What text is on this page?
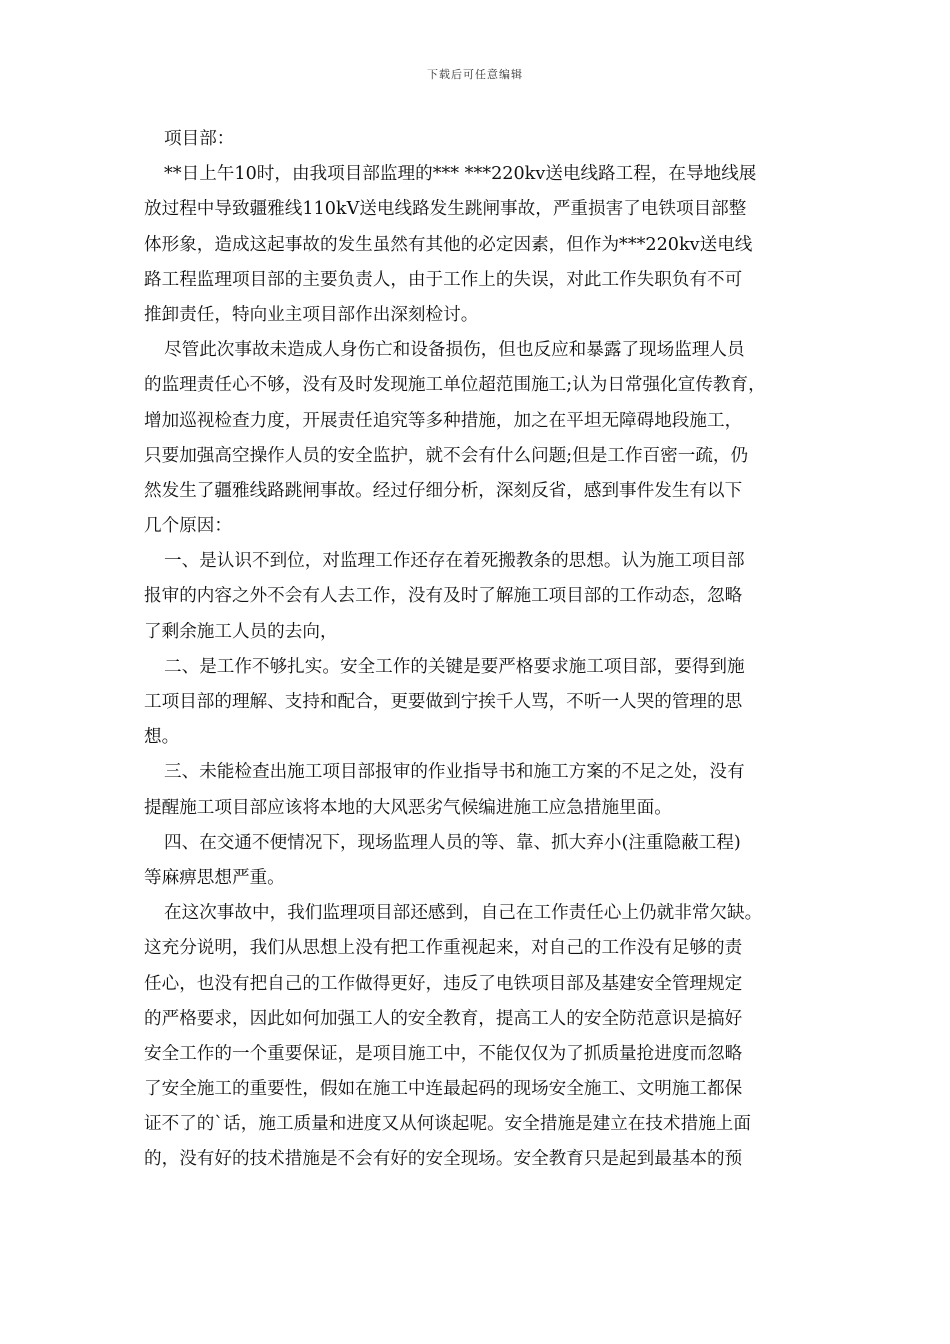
下载后可任意编辑
项目部：
**日上午10时，由我项目部监理的*** ***220kv送电线路工程，在导地线展
放过程中导致疆雅线110kV送电线路发生跳闸事故，严重损害了电铁项目部整
体形象，造成这起事故的发生虽然有其他的必定因素，但作为***220kv送电线
路工程监理项目部的主要负责人，由于工作上的失误，对此工作失职负有不可
推卸责任，特向业主项目部作出深刻检讨。
尽管此次事故未造成人身伤亡和设备损伤，但也反应和暴露了现场监理人员
的监理责任心不够，没有及时发现施工单位超范围施工;认为日常强化宣传教育，
增加巡视检查力度，开展责任追究等多种措施，加之在平坦无障碍地段施工，
只要加强高空操作人员的安全监护，就不会有什么问题;但是工作百密一疏，仍
然发生了疆雅线路跳闸事故。经过仔细分析，深刻反省，感到事件发生有以下
几个原因：
一、是认识不到位，对监理工作还存在着死搬教条的思想。认为施工项目部
报审的内容之外不会有人去工作，没有及时了解施工项目部的工作动态，忽略
了剩余施工人员的去向，
二、是工作不够扎实。安全工作的关键是要严格要求施工项目部，要得到施
工项目部的理解、支持和配合，更要做到宁挨千人骂，不听一人哭的管理的思
想。
三、未能检查出施工项目部报审的作业指导书和施工方案的不足之处，没有
提醒施工项目部应该将本地的大风恶劣气候编进施工应急措施里面。
四、在交通不便情况下，现场监理人员的等、靠、抓大弃小(注重隐蔽工程)
等麻痹思想严重。
在这次事故中，我们监理项目部还感到，自己在工作责任心上仍就非常欠缺。
这充分说明，我们从思想上没有把工作重视起来，对自己的工作没有足够的责
任心，也没有把自己的工作做得更好，违反了电铁项目部及基建安全管理规定
的严格要求，因此如何加强工人的安全教育，提高工人的安全防范意识是搞好
安全工作的一个重要保证，是项目施工中，不能仅仅为了抓质量抢进度而忽略
了安全施工的重要性，假如在施工中连最起码的现场安全施工、文明施工都保
证不了的`话，施工质量和进度又从何谈起呢。安全措施是建立在技术措施上面
的，没有好的技术措施是不会有好的安全现场。安全教育只是起到最基本的预
